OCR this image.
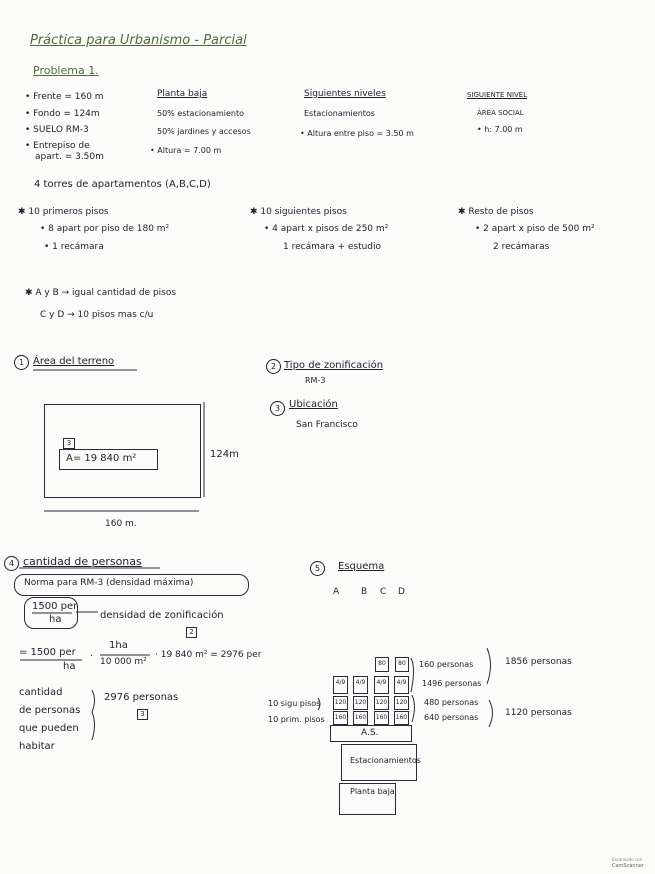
Práctica para Urbanismo - Parcial
Problema 1.
• Frente = 160 m
• Fondo = 124m
• SUELO RM-3
• Entrepiso de
apart. = 3.50m
Planta baja
50% estacionamiento
50% jardines y accesos
• Altura = 7.00 m
Siguientes niveles
Estacionamientos
• Altura entre piso = 3.50 m
SIGUIENTE NIVEL
ÁREA SOCIAL
• h: 7.00 m
4 torres de apartamentos (A,B,C,D)
✱ 10 primeros pisos
• 8 apart por piso de 180 m²
• 1 recámara
✱ 10 siguientes pisos
• 4 apart x pisos de 250 m²
1 recámara + estudio
✱ Resto de pisos
• 2 apart x piso de 500 m²
2 recámaras
✱ A y B → igual cantidad de pisos
C y D → 10 pisos mas c/u
1 Área del terreno	2 Tipo de zonificación
RM-3
3 Ubicación
San Francisco
3
A= 19 840 m²	124m
160 m.
4 cantidad de personas
Norma para RM-3 (densidad máxima)
1500 per
ha	densidad de zonificación
2
= 1500 per
ha
·
1ha
10 000 m²
· 19 840 m² = 2976 per
cantidad
de personas
que pueden
habitar
2976 personas
3
5	Esquema
A B C D
80	80
4/9	4/9	4/9	4/9
120 120 120 120
160 160 160 160
A.S.
Estacionamientos
Planta baja
10 sigu pisos
10 prim. pisos
160 personas
1496 personas
480 personas
640 personas
1856 personas
1120 personas
Escaneado con
CamScanner
